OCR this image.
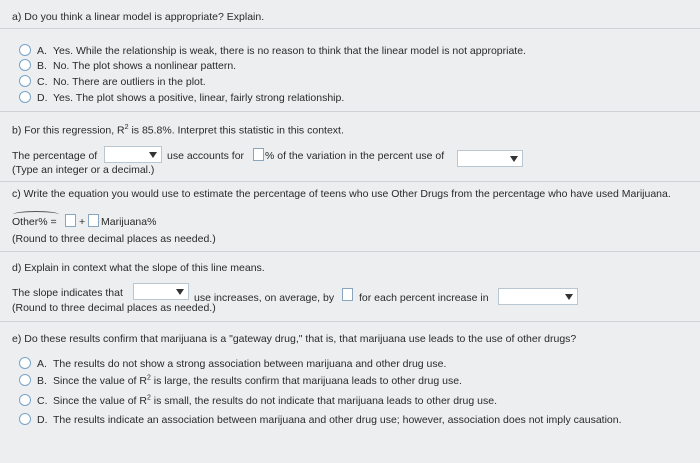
a) Do you think a linear model is appropriate? Explain.
A. Yes. While the relationship is weak, there is no reason to think that the linear model is not appropriate.
B. No. The plot shows a nonlinear pattern.
C. No. There are outliers in the plot.
D. Yes. The plot shows a positive, linear, fairly strong relationship.
b) For this regression, $R^2$ is 85.8%. Interpret this statistic in this context.
The percentage of	use accounts for % of the variation in the percent use of
(Type an integer or a decimal.)
c) Write the equation you would use to estimate the percentage of teens who use Other Drugs from the percentage who have used Marijuana.
Other% = + Marijuana%
(Round to three decimal places as needed.)
d) Explain in context what the slope of this line means.
The slope indicates that	use increases, on average, by for each percent increase in
(Round to three decimal places as needed.)
e) Do these results confirm that marijuana is a "gateway drug," that is, that marijuana use leads to the use of other drugs?
A. The results do not show a strong association between marijuana and other drug use.
B. Since the value of $R^2$ is large, the results confirm that marijuana leads to other drug use.
C. Since the value of $R^2$ is small, the results do not indicate that marijuana leads to other drug use.
D. The results indicate an association between marijuana and other drug use; however, association does not imply causation.
